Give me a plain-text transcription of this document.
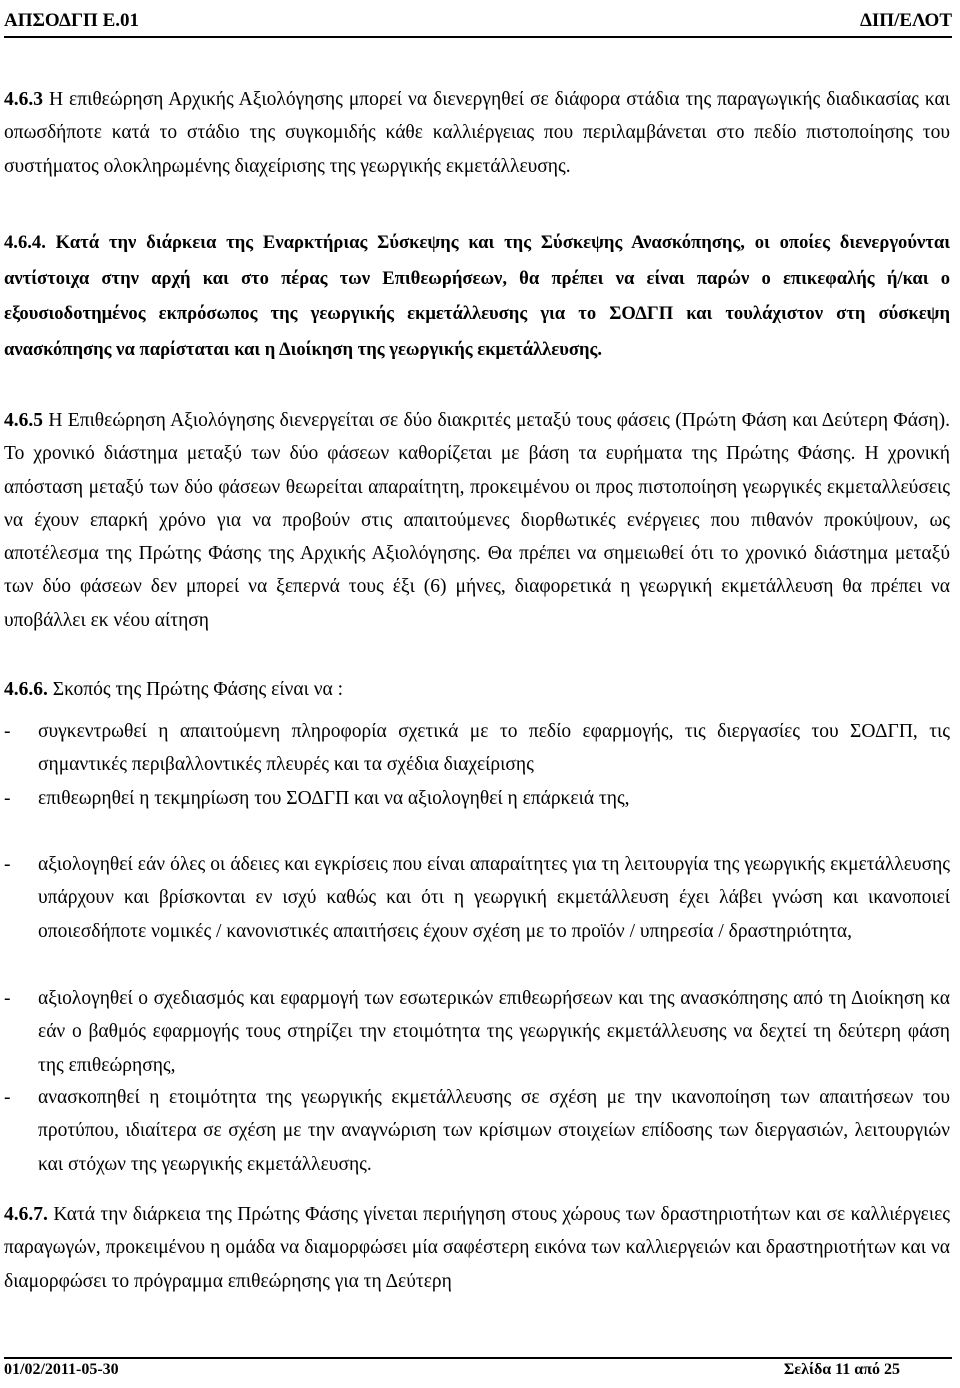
ΑΠΣΟΔΓΠ Ε.01	ΔΙΠ/ΕΛΟΤ

4.6.3 Η επιθεώρηση Αρχικής Αξιολόγησης μπορεί να διενεργηθεί σε διάφορα στάδια της παραγωγικής διαδικασίας και οπωσδήποτε κατά το στάδιο της συγκομιδής κάθε καλλιέργειας που περιλαμβάνεται στο πεδίο πιστοποίησης του συστήματος ολοκληρωμένης διαχείρισης της γεωργικής εκμετάλλευσης.

4.6.4. Κατά την διάρκεια της Εναρκτήριας Σύσκεψης και της Σύσκεψης Ανασκόπησης, οι οποίες διενεργούνται αντίστοιχα στην αρχή και στο πέρας των Επιθεωρήσεων, θα πρέπει να είναι παρών ο επικεφαλής ή/και ο εξουσιοδοτημένος εκπρόσωπος της γεωργικής εκμετάλλευσης για το ΣΟΔΓΠ και τουλάχιστον στη σύσκεψη ανασκόπησης να παρίσταται και η Διοίκηση της γεωργικής εκμετάλλευσης.

4.6.5 Η Επιθεώρηση Αξιολόγησης διενεργείται σε δύο διακριτές μεταξύ τους φάσεις (Πρώτη Φάση και Δεύτερη Φάση). Το χρονικό διάστημα μεταξύ των δύο φάσεων καθορίζεται με βάση τα ευρήματα της Πρώτης Φάσης. Η χρονική απόσταση μεταξύ των δύο φάσεων θεωρείται απαραίτητη, προκειμένου οι προς πιστοποίηση γεωργικές εκμεταλλεύσεις να έχουν επαρκή χρόνο για να προβούν στις απαιτούμενες διορθωτικές ενέργειες που πιθανόν προκύψουν, ως αποτέλεσμα της Πρώτης Φάσης της Αρχικής Αξιολόγησης. Θα πρέπει να σημειωθεί ότι το χρονικό διάστημα μεταξύ των δύο φάσεων δεν μπορεί να ξεπερνά τους έξι (6) μήνες, διαφορετικά η γεωργική εκμετάλλευση θα πρέπει να υποβάλλει εκ νέου αίτηση

4.6.6. Σκοπός της Πρώτης Φάσης είναι να :

- συγκεντρωθεί η απαιτούμενη πληροφορία σχετικά με το πεδίο εφαρμογής, τις διεργασίες του ΣΟΔΓΠ, τις σημαντικές περιβαλλοντικές πλευρές και τα σχέδια διαχείρισης
- επιθεωρηθεί η τεκμηρίωση του ΣΟΔΓΠ και να αξιολογηθεί η επάρκειά της,
- αξιολογηθεί εάν όλες οι άδειες και εγκρίσεις που είναι απαραίτητες για τη λειτουργία της γεωργικής εκμετάλλευσης υπάρχουν και βρίσκονται εν ισχύ καθώς και ότι η γεωργική εκμετάλλευση έχει λάβει γνώση και ικανοποιεί οποιεσδήποτε νομικές / κανονιστικές απαιτήσεις έχουν σχέση με το προϊόν / υπηρεσία / δραστηριότητα,
- αξιολογηθεί ο σχεδιασμός και εφαρμογή των εσωτερικών επιθεωρήσεων και της ανασκόπησης από τη Διοίκηση κα εάν ο βαθμός εφαρμογής τους στηρίζει την ετοιμότητα της γεωργικής εκμετάλλευσης να δεχτεί τη δεύτερη φάση της επιθεώρησης,
- ανασκοπηθεί η ετοιμότητα της γεωργικής εκμετάλλευσης σε σχέση με την ικανοποίηση των απαιτήσεων του προτύπου, ιδιαίτερα σε σχέση με την αναγνώριση των κρίσιμων στοιχείων επίδοσης των διεργασιών, λειτουργιών και στόχων της γεωργικής εκμετάλλευσης.

4.6.7. Κατά την διάρκεια της Πρώτης Φάσης γίνεται περιήγηση στους χώρους των δραστηριοτήτων και σε καλλιέργειες παραγωγών, προκειμένου η ομάδα να διαμορφώσει μία σαφέστερη εικόνα των καλλιεργειών και δραστηριοτήτων και να διαμορφώσει το πρόγραμμα επιθεώρησης για τη Δεύτερη

01/02/2011-05-30	Σελίδα 11 από 25
